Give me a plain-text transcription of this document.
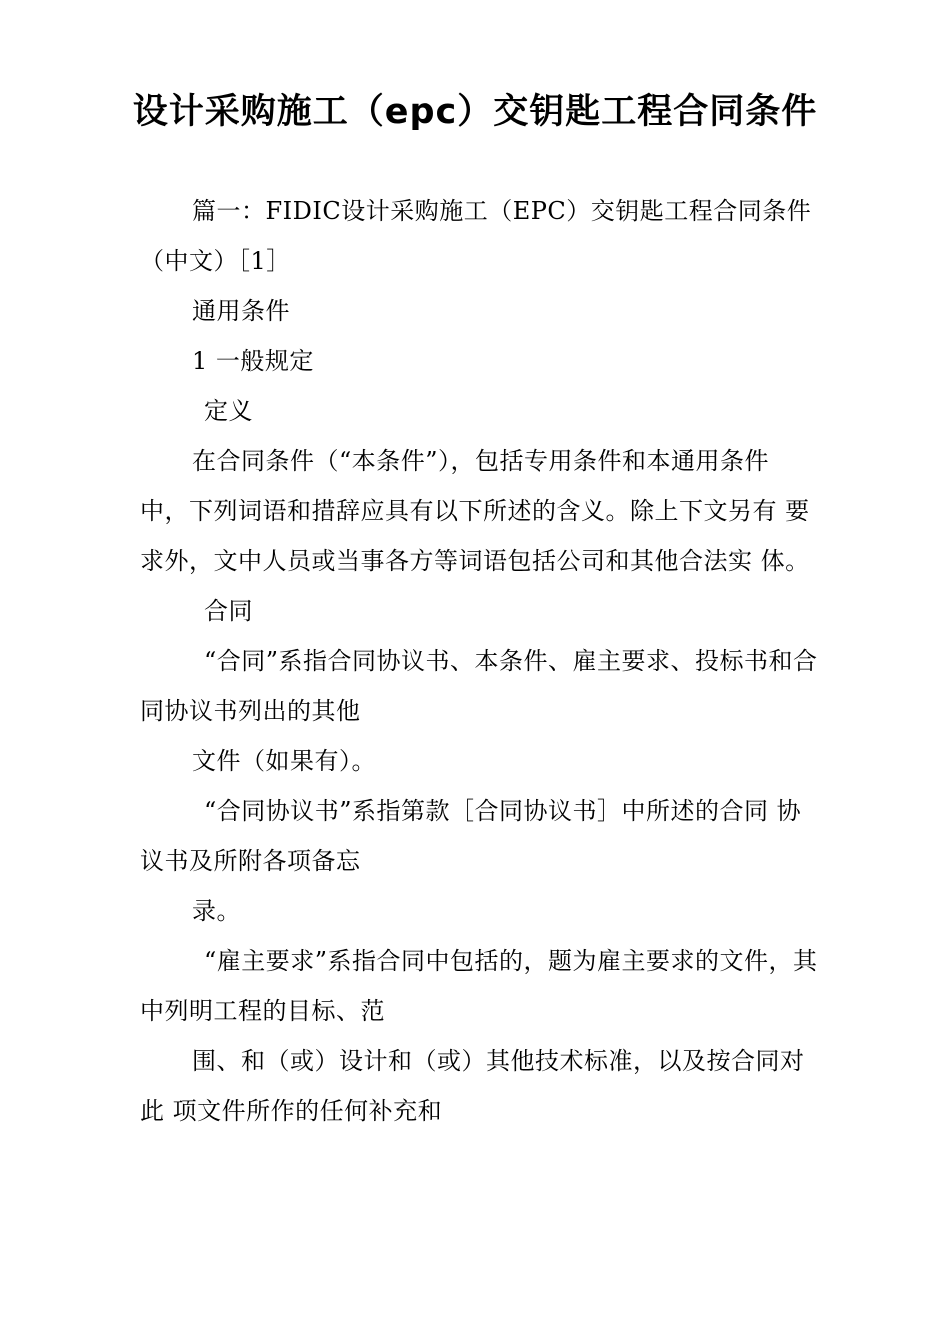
设计采购施工（epc）交钥匙工程合同条件

篇一：FIDIC设计采购施工（EPC）交钥匙工程合同条件（中文）［1］

通用条件

1 一般规定

定义

在合同条件（“本条件”），包括专用条件和本通用条件 中，下列词语和措辞应具有以下所述的含义。除上下文另有 要求外，文中人员或当事各方等词语包括公司和其他合法实 体。

合同

“合同”系指合同协议书、本条件、雇主要求、投标书和合同协议书列出的其他

文件（如果有）。

“合同协议书”系指第款［合同协议书］中所述的合同 协议书及所附各项备忘

录。

“雇主要求”系指合同中包括的，题为雇主要求的文件，其中列明工程的目标、范

围、和（或）设计和（或）其他技术标准，以及按合同对此 项文件所作的任何补充和
